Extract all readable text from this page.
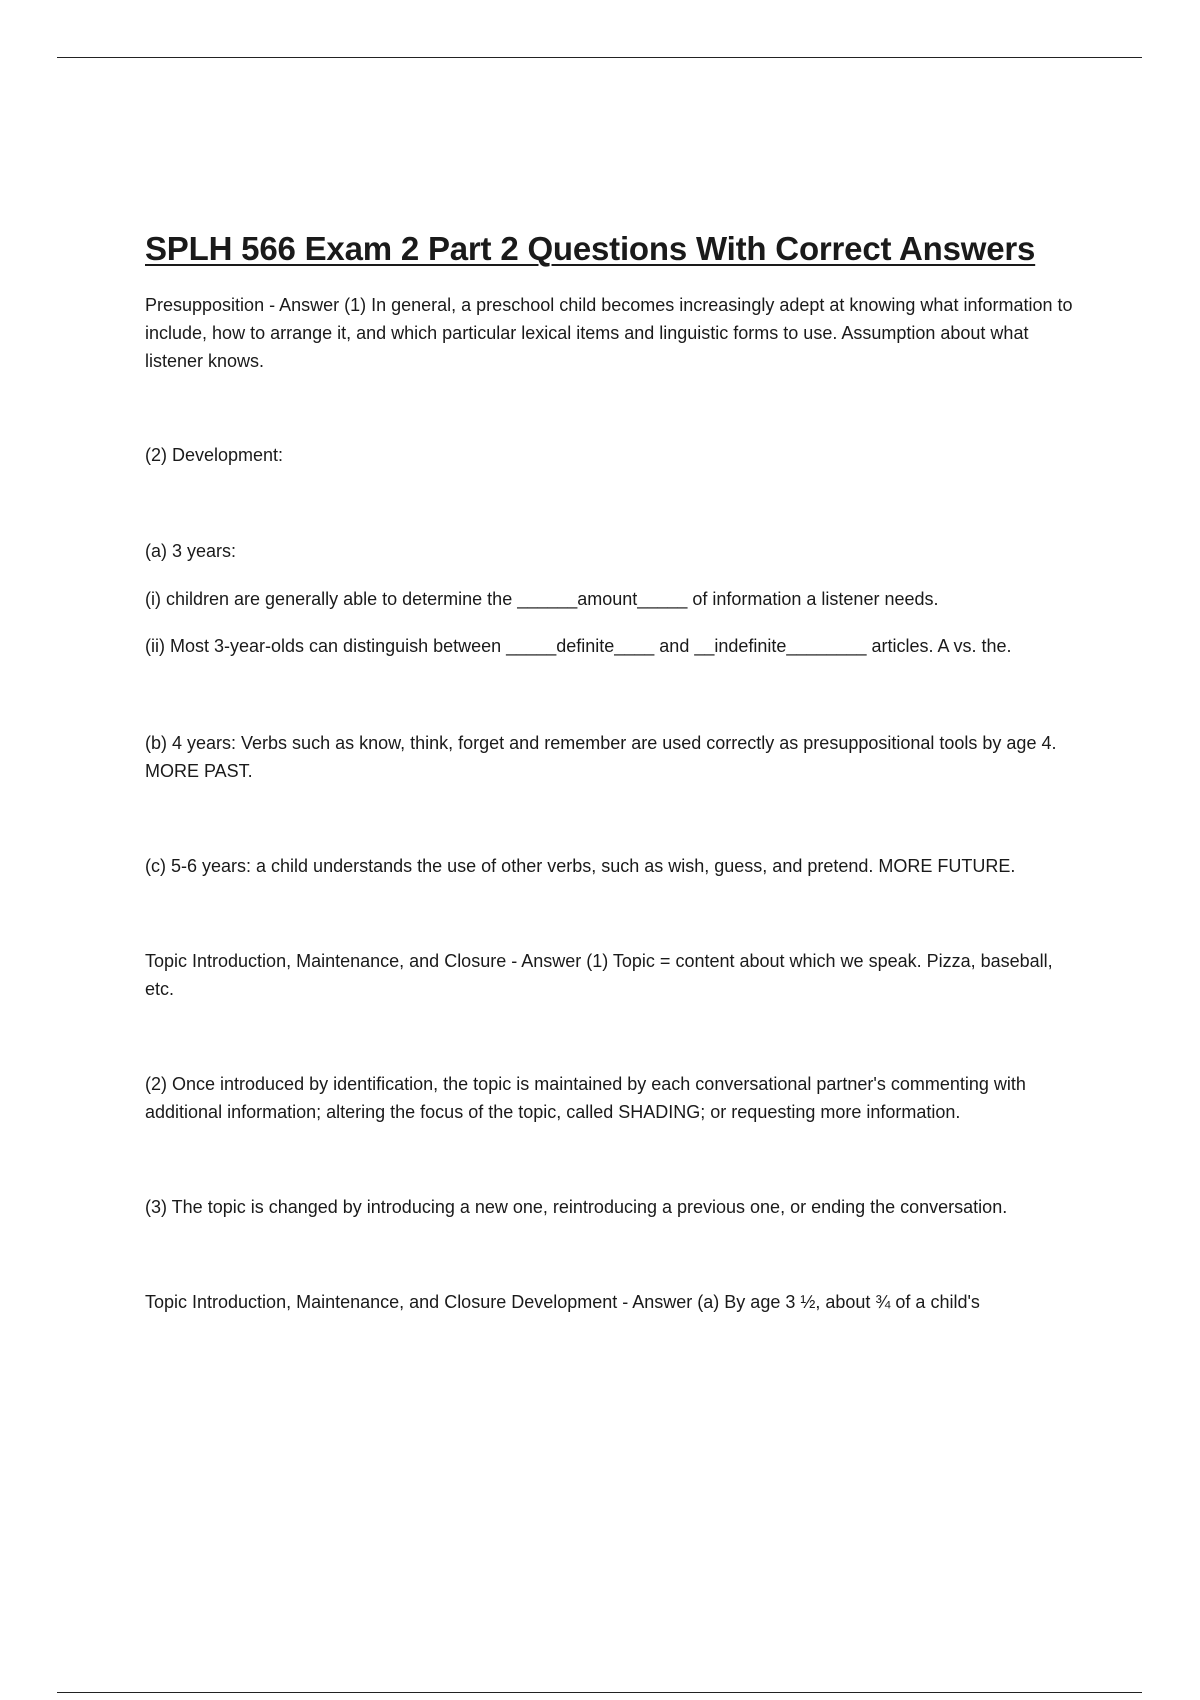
SPLH 566 Exam 2 Part 2 Questions With Correct Answers

Presupposition - Answer (1) In general, a preschool child becomes increasingly adept at knowing what information to include, how to arrange it, and which particular lexical items and linguistic forms to use. Assumption about what listener knows.

(2) Development:

(a) 3 years:

(i) children are generally able to determine the ______amount_____ of information a listener needs.

(ii) Most 3-year-olds can distinguish between _____definite____ and __indefinite________ articles. A vs. the.

(b) 4 years: Verbs such as know, think, forget and remember are used correctly as presuppositional tools by age 4. MORE PAST.

(c) 5-6 years: a child understands the use of other verbs, such as wish, guess, and pretend. MORE FUTURE.

Topic Introduction, Maintenance, and Closure - Answer (1) Topic = content about which we speak. Pizza, baseball, etc.

(2) Once introduced by identification, the topic is maintained by each conversational partner's commenting with additional information; altering the focus of the topic, called SHADING; or requesting more information.

(3) The topic is changed by introducing a new one, reintroducing a previous one, or ending the conversation.

Topic Introduction, Maintenance, and Closure Development - Answer (a) By age 3 ½, about ¾ of a child's
